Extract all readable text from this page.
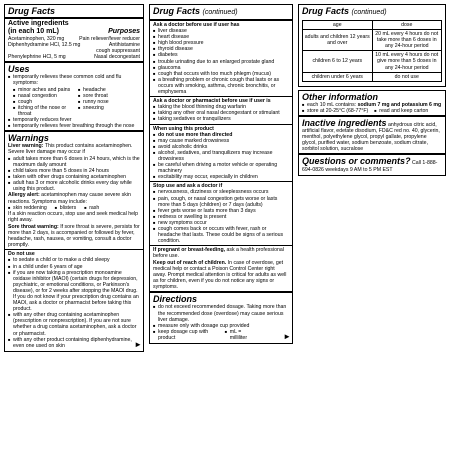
Drug Facts
Active ingredients
(in each 10 mL)	Purposes
Acetaminophen, 320 mg	Pain reliever/fever reducer
Diphenhydramine HCl, 12.5 mg	Antihistamine
cough suppressant
Phenylephrine HCl, 5 mg	Nasal decongestant
Uses
■ temporarily relieves these common cold and flu symptoms:
■ minor aches and pains	■ headache
■ nasal congestion	■ sore throat
■ cough	■ runny nose
■ itching of the nose or throat
■ sneezing
■ temporarily reduces fever
■ temporarily relieves fever breathing through the nose
Warnings
Liver warning: This product contains acetaminophen. Severe liver damage may occur if
■ adult takes more than 6 doses in 24 hours, which is the maximum daily amount
■ child takes more than 5 doses in 24 hours
■ taken with other drugs containing acetaminophen
■ adult has 3 or more alcoholic drinks every day while using this product.
Allergy alert: acetaminophen may cause severe skin reactions. Symptoms may include:
■ skin reddening	■ blisters	■ rash
If a skin reaction occurs, stop use and seek medical help right away.
Sore throat warning: If sore throat is severe, persists for more than 2 days, is accompanied or followed by fever, headache, rash, nausea, or vomiting, consult a doctor promptly.
Do not use
■ to sedate a child or to make a child sleepy
■ in a child under 6 years of age
■ if you are now taking a prescription monoamine oxidase inhibitor (MAOI) (certain drugs for depression, psychiatric, or emotional conditions, or Parkinson's disease), or for 2 weeks after stopping the MAOI drug. If you do not know if your prescription drug contains an MAOI, ask a doctor or pharmacist before taking this product.
■ with any other drug containing acetaminophen (prescription or nonprescription). If you are not sure whether a drug contains acetaminophen, ask a doctor or pharmacist.
■ with any other product containing diphenhydramine, even one used on skin	►
Drug Facts (continued)
Ask a doctor before use if user has
■ liver disease
■ heart disease
■ high blood pressure
■ thyroid disease
■ diabetes
■ trouble urinating due to an enlarged prostate gland
■ glaucoma
■ cough that occurs with too much phlegm (mucus)
■ a breathing problem or chronic cough that lasts or as occurs with smoking, asthma, chronic bronchitis, or emphysema
Ask a doctor or pharmacist before use if user is
■ taking the blood thinning drug warfarin
■ taking any other oral nasal decongestant or stimulant
■ taking sedatives or tranquilizers
When using this product
■ do not use more than directed
■ may cause marked drowsiness
■ avoid alcoholic drinks
■ alcohol, sedatives, and tranquilizers may increase drowsiness
■ be careful when driving a motor vehicle or operating machinery
■ excitability may occur, especially in children
Stop use and ask a doctor if
■ nervousness, dizziness or sleeplessness occurs
■ pain, cough, or nasal congestion gets worse or lasts more than 5 days (children) or 7 days (adults)
■ fever gets worse or lasts more than 3 days
■ redness or swelling is present
■ new symptoms occur
■ cough comes back or occurs with fever, rash or headache that lasts. These could be signs of a serious condition.
If pregnant or breast-feeding, ask a health professional before use.
Keep out of reach of children. In case of overdose, get medical help or contact a Poison Control Center right away. Prompt medical attention is critical for adults as well as for children, even if you do not notice any signs or symptoms.
Directions
■ do not exceed recommended dosage. Taking more than the recommended dose (overdose) may cause serious liver damage.
■ measure only with dosage cup provided
■ keep dosage cup with product
■ mL = milliliter	►
Drug Facts (continued)
age	dose
adults and children 12 years and over	20 mL every 4 hours do not take more than 6 doses in any 24-hour period
children 6 to 12 years	10 mL every 4 hours do not give more than 5 doses in any 24-hour period
children under 6 years	do not use
Other information
■ each 10 mL contains: sodium 7 mg and potassium 6 mg
■ store at 20-25°C (68-77°F)	■ read and keep carton
Inactive ingredients anhydrous citric acid, artificial flavor, edetate disodium, FD&C red no. 40, glycerin, menthol, polyethylene glycol, propyl gallate, propylene glycol, purified water, sodium benzoate, sodium citrate, sorbitol solution, sucralose
Questions or comments? Call 1-888-694-0826 weekdays 9 AM to 5 PM EST
